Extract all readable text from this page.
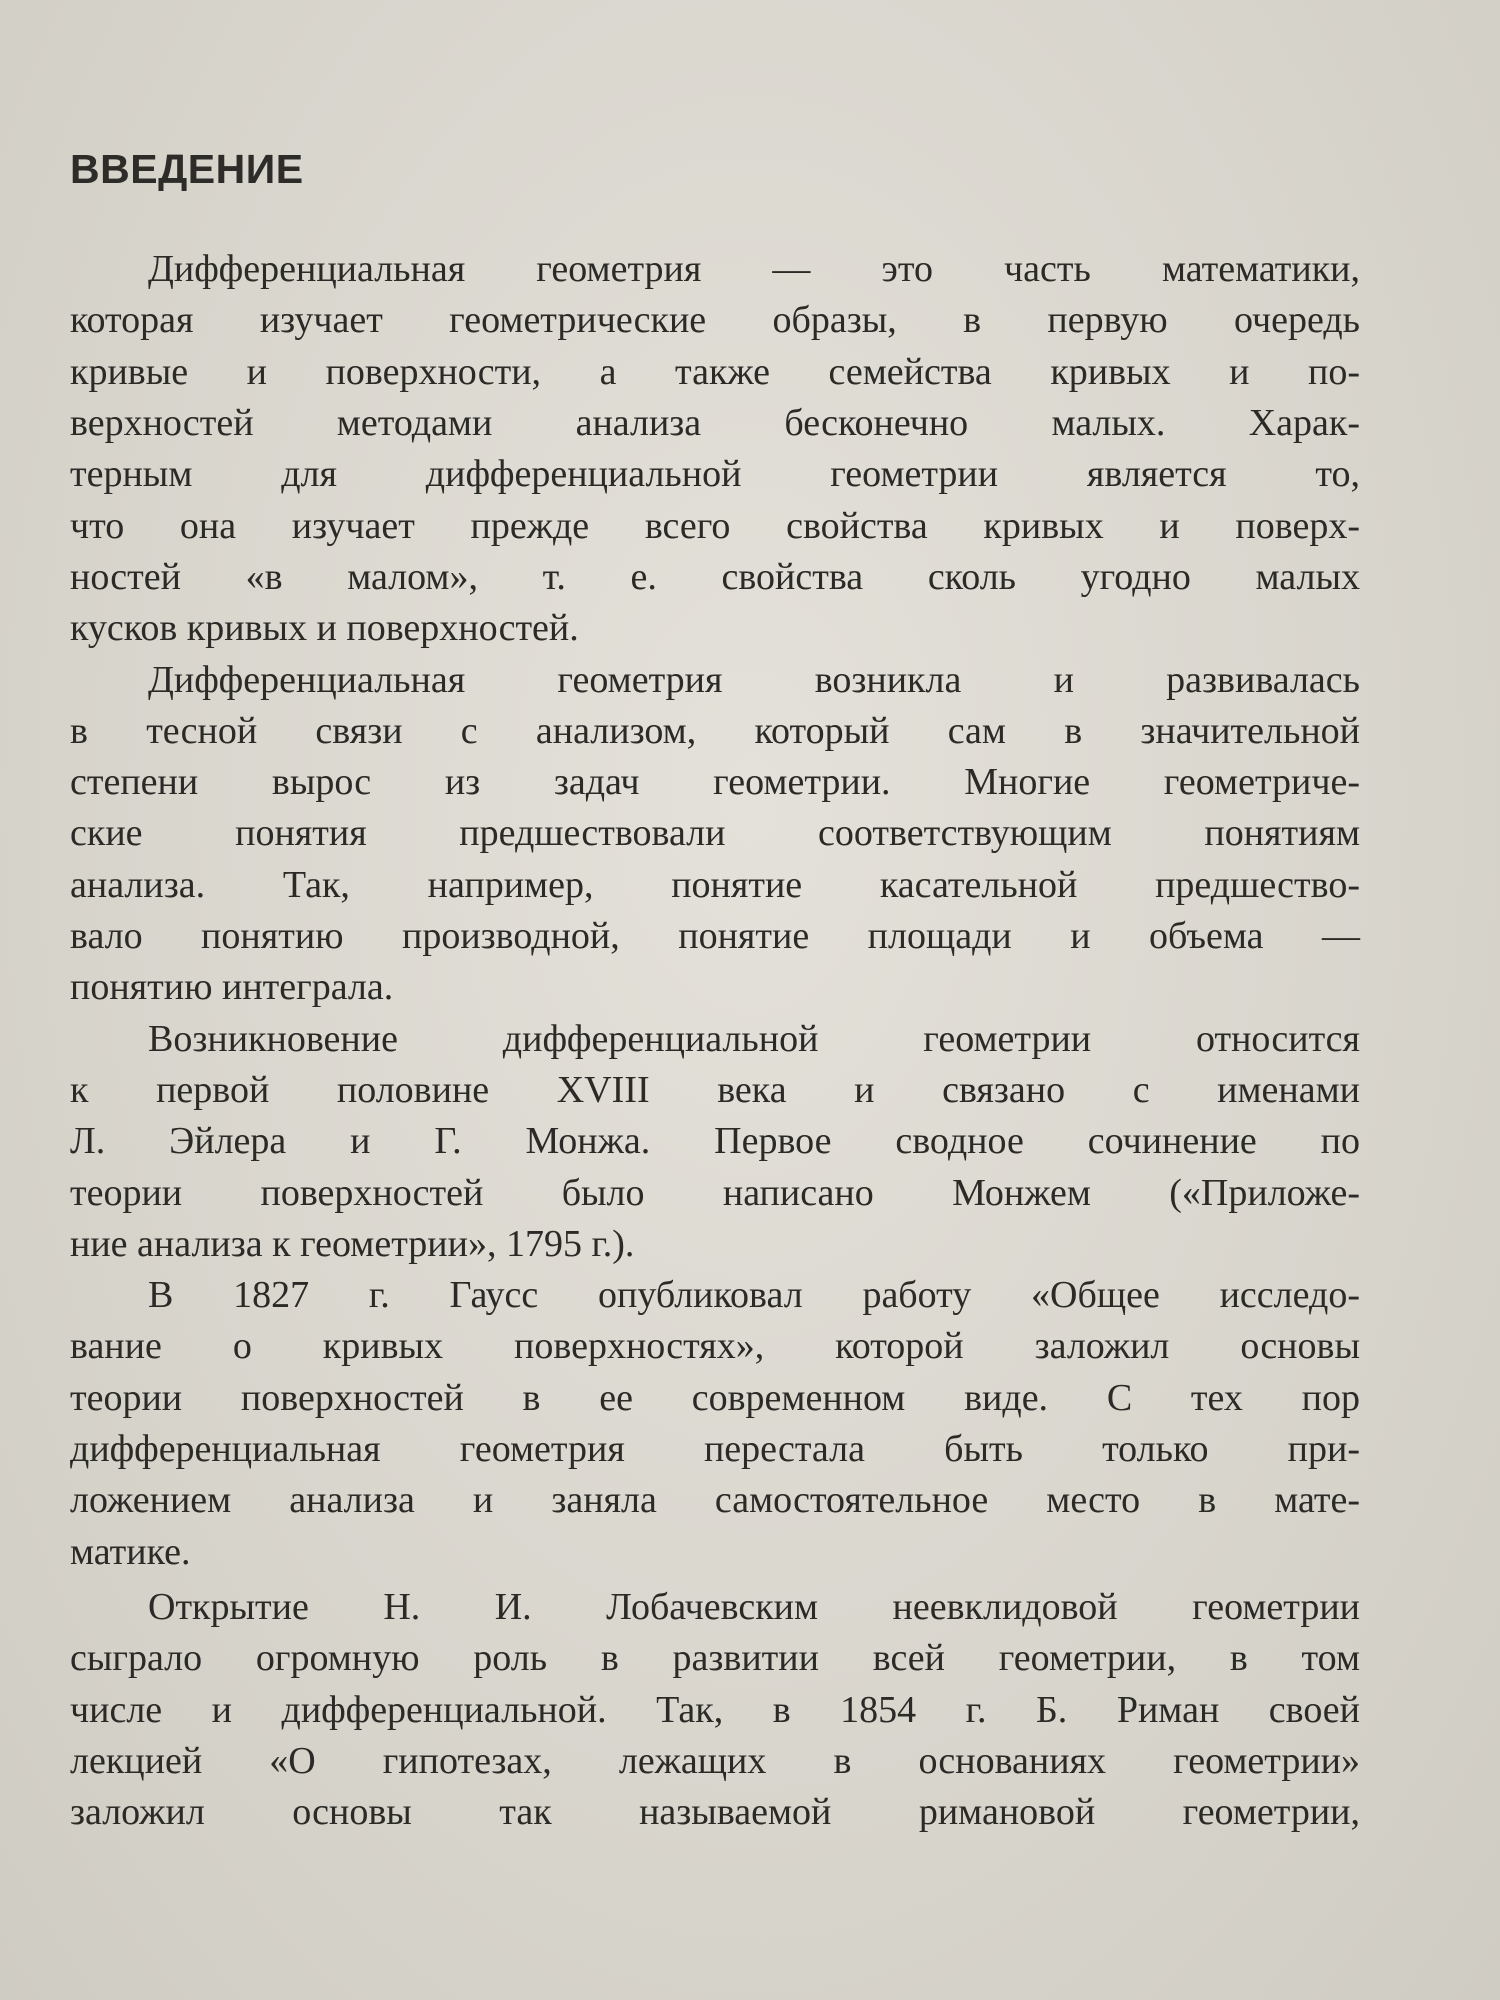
ВВЕДЕНИЕ
Дифференциальная геометрия — это часть математики,
которая изучает геометрические образы, в первую очередь
кривые и поверхности, а также семейства кривых и по-
верхностей методами анализа бесконечно малых. Харак-
терным для дифференциальной геометрии является то,
что она изучает прежде всего свойства кривых и поверх-
ностей «в малом», т. е. свойства сколь угодно малых
кусков кривых и поверхностей.
Дифференциальная геометрия возникла и развивалась
в тесной связи с анализом, который сам в значительной
степени вырос из задач геометрии. Многие геометриче-
ские понятия предшествовали соответствующим понятиям
анализа. Так, например, понятие касательной предшество-
вало понятию производной, понятие площади и объема —
понятию интеграла.
Возникновение дифференциальной геометрии относится
к первой половине XVIII века и связано с именами
Л. Эйлера и Г. Монжа. Первое сводное сочинение по
теории поверхностей было написано Монжем («Приложе-
ние анализа к геометрии», 1795 г.).
В 1827 г. Гаусс опубликовал работу «Общее исследо-
вание о кривых поверхностях», которой заложил основы
теории поверхностей в ее современном виде. С тех пор
дифференциальная геометрия перестала быть только при-
ложением анализа и заняла самостоятельное место в мате-
матике.
Открытие Н. И. Лобачевским неевклидовой геометрии
сыграло огромную роль в развитии всей геометрии, в том
числе и дифференциальной. Так, в 1854 г. Б. Риман своей
лекцией «О гипотезах, лежащих в основаниях геометрии»
заложил основы так называемой римановой геометрии,
